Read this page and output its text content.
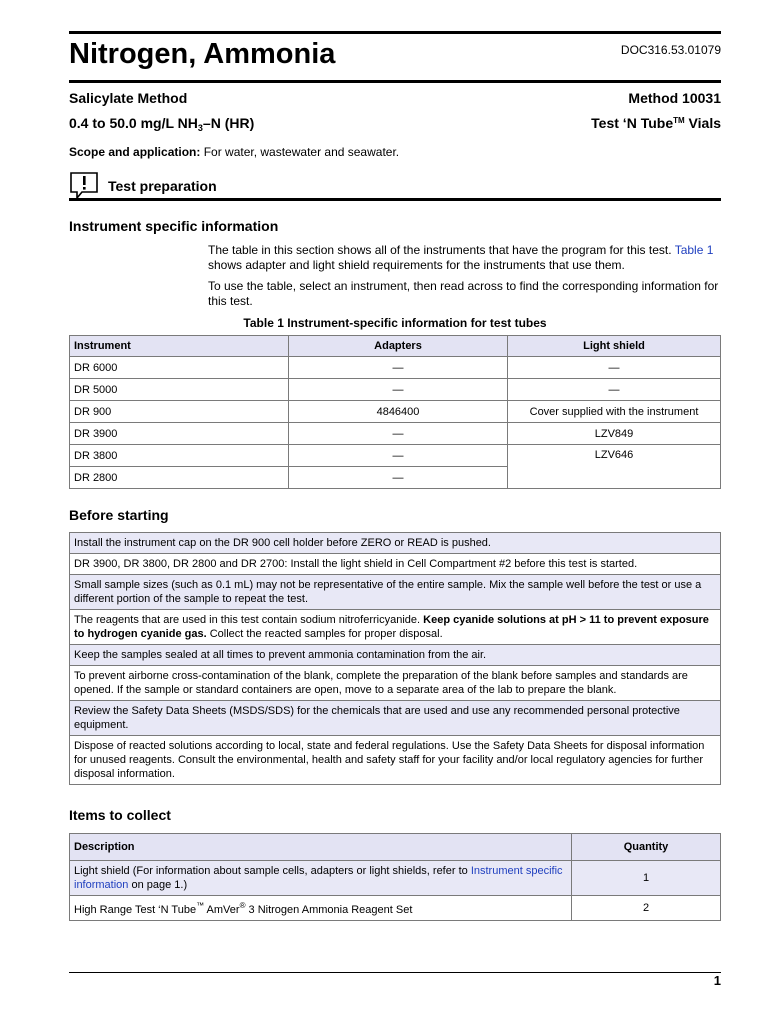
Nitrogen, Ammonia	DOC316.53.01079
Salicylate Method	Method 10031
0.4 to 50.0 mg/L $NH_3-N$ (HR)	Test ‘N Tube™ Vials
Scope and application: For water, wastewater and seawater.
Test preparation
Instrument specific information
The table in this section shows all of the instruments that have the program for this test. Table 1 shows adapter and light shield requirements for the instruments that use them.
To use the table, select an instrument, then read across to find the corresponding information for this test.
Table 1 Instrument-specific information for test tubes
Instrument	Adapters	Light shield
DR 6000	—	—
DR 5000	—	—
DR 900	4846400	Cover supplied with the instrument
DR 3900	—	LZV849
DR 3800	—	LZV646
DR 2800	—	
Before starting
Install the instrument cap on the DR 900 cell holder before ZERO or READ is pushed.
DR 3900, DR 3800, DR 2800 and DR 2700: Install the light shield in Cell Compartment #2 before this test is started.
Small sample sizes (such as 0.1 mL) may not be representative of the entire sample. Mix the sample well before the test or use a different portion of the sample to repeat the test.
The reagents that are used in this test contain sodium nitroferricyanide. Keep cyanide solutions at pH > 11 to prevent exposure to hydrogen cyanide gas. Collect the reacted samples for proper disposal.
Keep the samples sealed at all times to prevent ammonia contamination from the air.
To prevent airborne cross-contamination of the blank, complete the preparation of the blank before samples and standards are opened. If the sample or standard containers are open, move to a separate area of the lab to prepare the blank.
Review the Safety Data Sheets (MSDS/SDS) for the chemicals that are used and use any recommended personal protective equipment.
Dispose of reacted solutions according to local, state and federal regulations. Use the Safety Data Sheets for disposal information for unused reagents. Consult the environmental, health and safety staff for your facility and/or local regulatory agencies for further disposal information.
Items to collect
Description	Quantity
Light shield (For information about sample cells, adapters or light shields, refer to Instrument specific information on page 1.)	1
High Range Test ‘N Tube™ AmVer® 3 Nitrogen Ammonia Reagent Set	2
1
